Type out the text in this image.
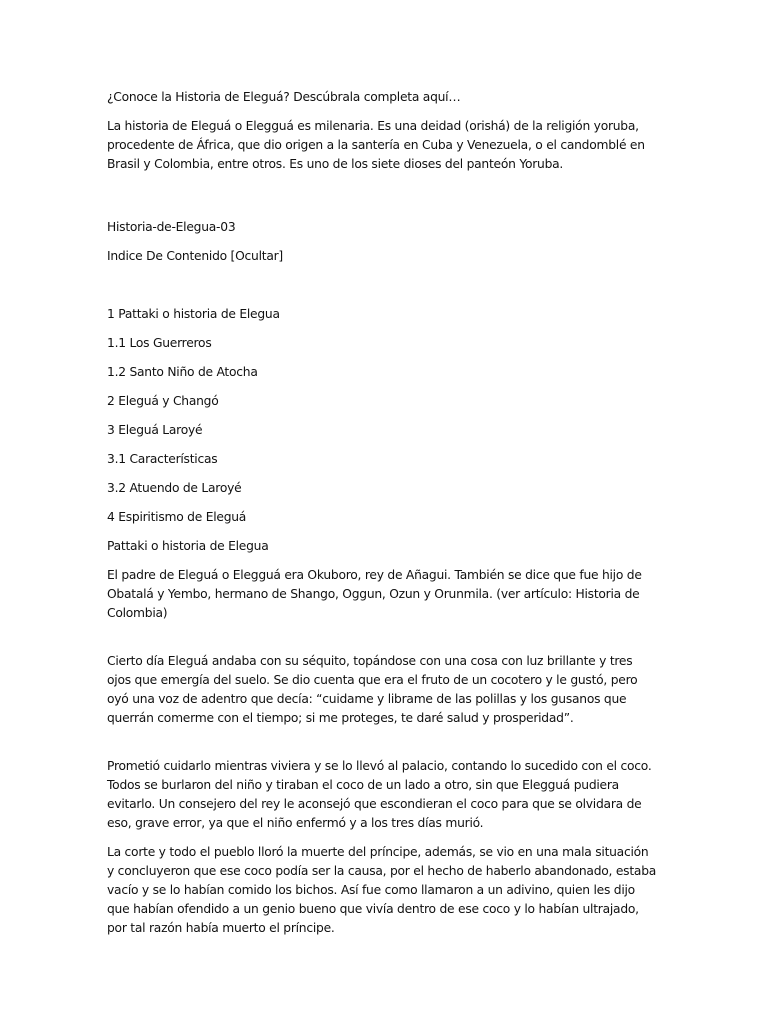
¿Conoce la Historia de Eleguá? Descúbrala completa aquí…

La historia de Eleguá o Elegguá es milenaria. Es una deidad (orishá) de la religión yoruba, procedente de África, que dio origen a la santería en Cuba y Venezuela, o el candomblé en Brasil y Colombia, entre otros. Es uno de los siete dioses del panteón Yoruba.

Historia-de-Elegua-03

Indice De Contenido [Ocultar]

1 Pattaki o historia de Elegua

1.1 Los Guerreros

1.2 Santo Niño de Atocha

2 Eleguá y Changó

3 Eleguá Laroyé

3.1 Características

3.2 Atuendo de Laroyé

4 Espiritismo de Eleguá

Pattaki o historia de Elegua

El padre de Eleguá o Elegguá era Okuboro, rey de Añagui. También se dice que fue hijo de Obatalá y Yembo, hermano de Shango, Oggun, Ozun y Orunmila. (ver artículo: Historia de Colombia)

Cierto día Eleguá andaba con su séquito, topándose con una cosa con luz brillante y tres ojos que emergía del suelo. Se dio cuenta que era el fruto de un cocotero y le gustó, pero oyó una voz de adentro que decía: “cuidame y librame de las polillas y los gusanos que querrán comerme con el tiempo; si me proteges, te daré salud y prosperidad”.

Prometió cuidarlo mientras viviera y se lo llevó al palacio, contando lo sucedido con el coco. Todos se burlaron del niño y tiraban el coco de un lado a otro, sin que Elegguá pudiera evitarlo. Un consejero del rey le aconsejó que escondieran el coco para que se olvidara de eso, grave error, ya que el niño enfermó y a los tres días murió.

La corte y todo el pueblo lloró la muerte del príncipe, además, se vio en una mala situación y concluyeron que ese coco podía ser la causa, por el hecho de haberlo abandonado, estaba vacío y se lo habían comido los bichos. Así fue como llamaron a un adivino, quien les dijo que habían ofendido a un genio bueno que vivía dentro de ese coco y lo habían ultrajado, por tal razón había muerto el príncipe.
